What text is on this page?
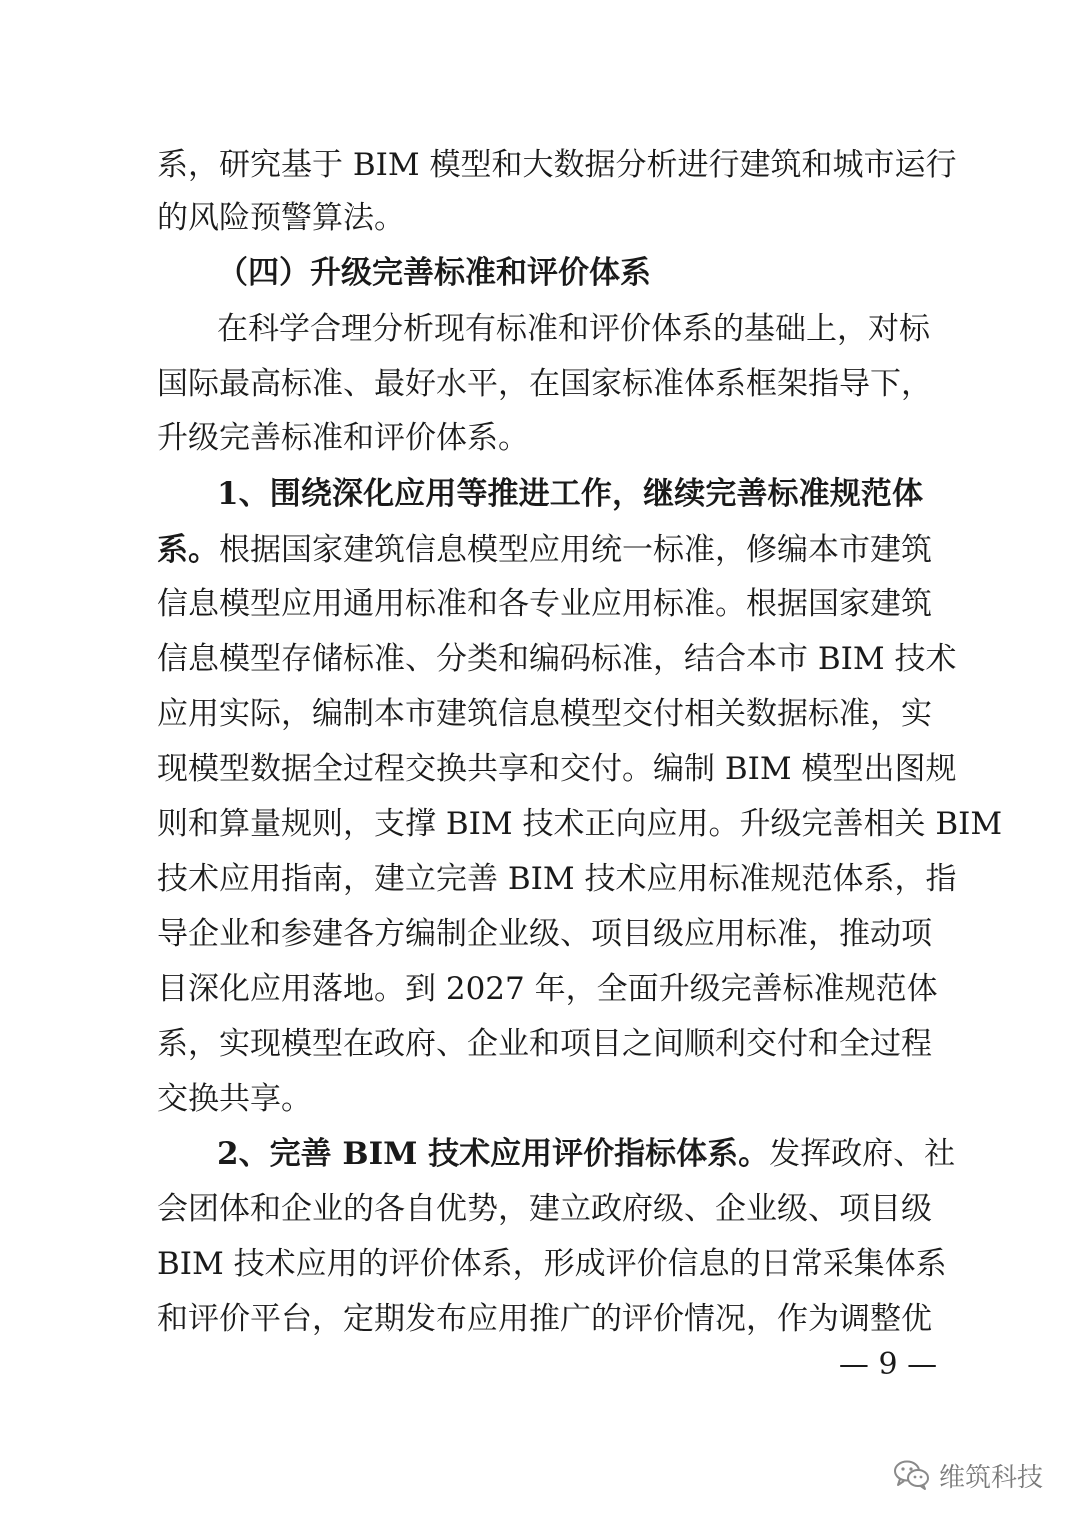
系，研究基于 BIM 模型和大数据分析进行建筑和城市运行
的风险预警算法。
（四）升级完善标准和评价体系
在科学合理分析现有标准和评价体系的基础上，对标
国际最高标准、最好水平，在国家标准体系框架指导下，
升级完善标准和评价体系。
1、围绕深化应用等推进工作，继续完善标准规范体
系。根据国家建筑信息模型应用统一标准，修编本市建筑
信息模型应用通用标准和各专业应用标准。根据国家建筑
信息模型存储标准、分类和编码标准，结合本市 BIM 技术
应用实际，编制本市建筑信息模型交付相关数据标准，实
现模型数据全过程交换共享和交付。编制 BIM 模型出图规
则和算量规则，支撑 BIM 技术正向应用。升级完善相关 BIM
技术应用指南，建立完善 BIM 技术应用标准规范体系，指
导企业和参建各方编制企业级、项目级应用标准，推动项
目深化应用落地。到 2027 年，全面升级完善标准规范体
系，实现模型在政府、企业和项目之间顺利交付和全过程
交换共享。
2、完善 BIM 技术应用评价指标体系。发挥政府、社
会团体和企业的各自优势，建立政府级、企业级、项目级
BIM 技术应用的评价体系，形成评价信息的日常采集体系
和评价平台，定期发布应用推广的评价情况，作为调整优
— 9 —
维筑科技
